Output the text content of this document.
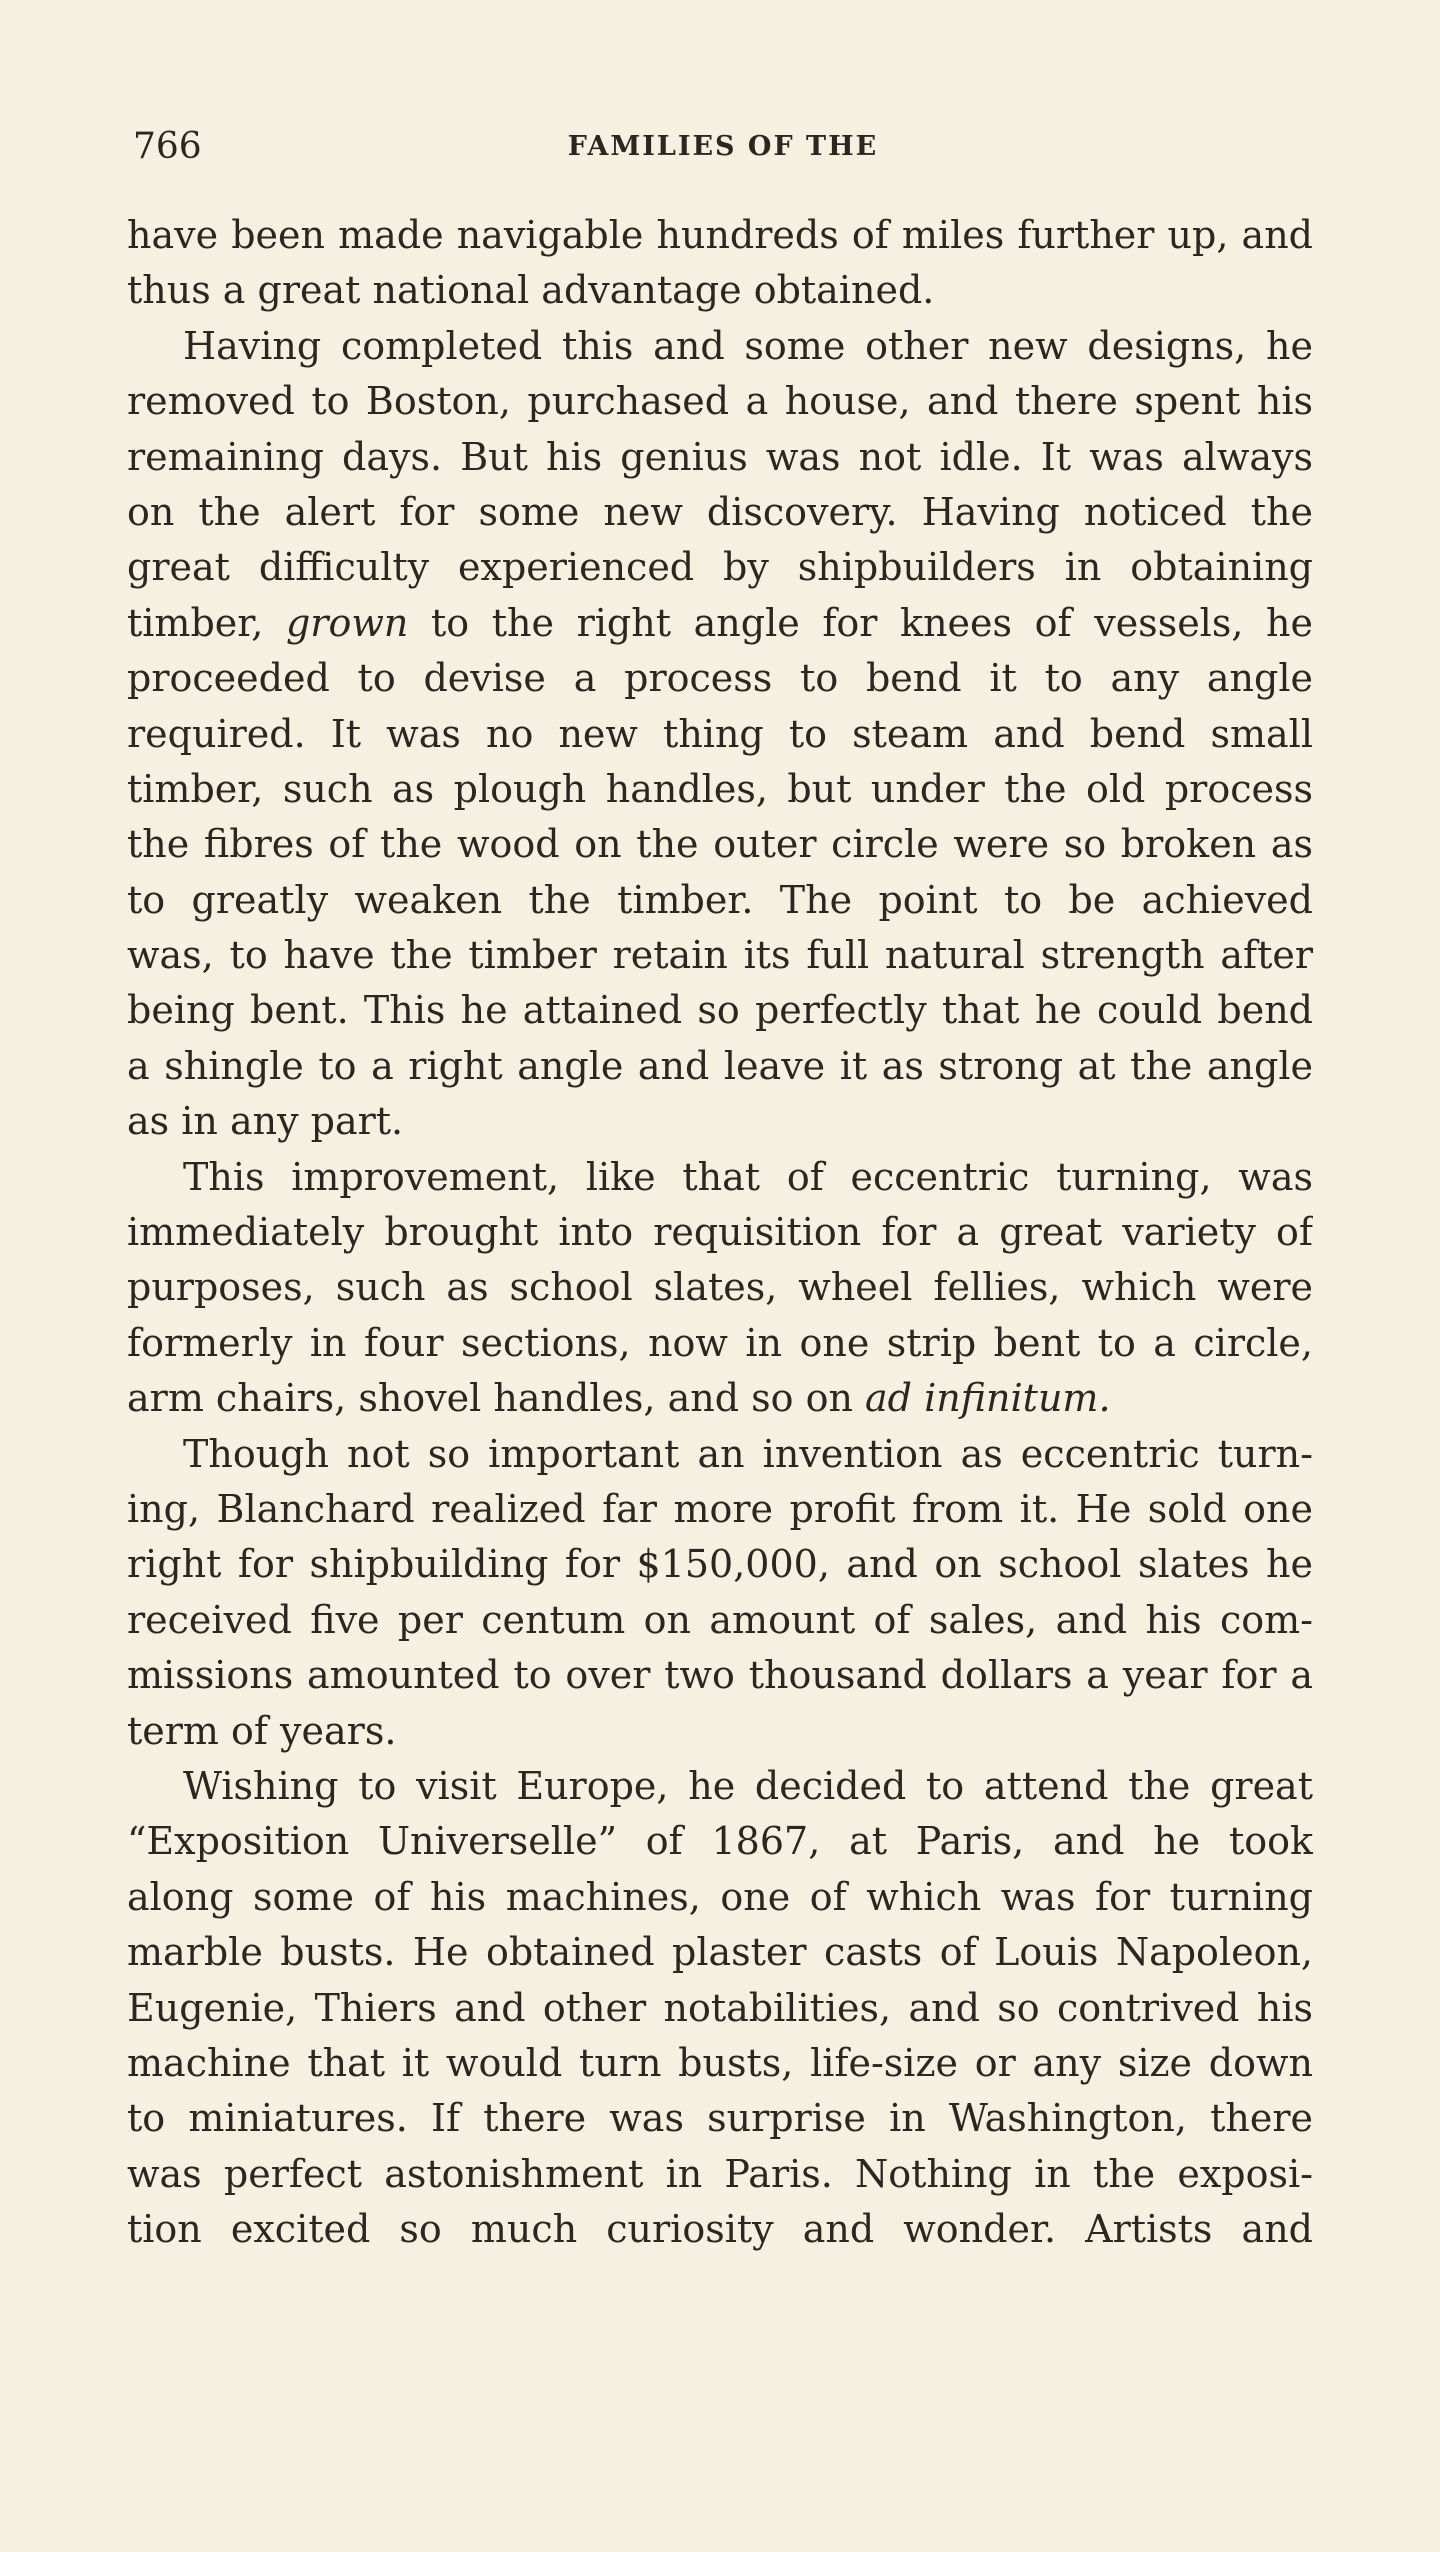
766	FAMILIES OF THE
have been made navigable hundreds of miles further up, and
thus a great national advantage obtained.
Having completed this and some other new designs, he
removed to Boston, purchased a house, and there spent his
remaining days. But his genius was not idle. It was always
on the alert for some new discovery. Having noticed the
great difficulty experienced by shipbuilders in obtaining
timber, grown to the right angle for knees of vessels, he
proceeded to devise a process to bend it to any angle
required. It was no new thing to steam and bend small
timber, such as plough handles, but under the old process
the fibres of the wood on the outer circle were so broken as
to greatly weaken the timber. The point to be achieved
was, to have the timber retain its full natural strength after
being bent. This he attained so perfectly that he could bend
a shingle to a right angle and leave it as strong at the angle
as in any part.
This improvement, like that of eccentric turning, was
immediately brought into requisition for a great variety of
purposes, such as school slates, wheel fellies, which were
formerly in four sections, now in one strip bent to a circle,
arm chairs, shovel handles, and so on ad infinitum.
Though not so important an invention as eccentric turn-
ing, Blanchard realized far more profit from it. He sold one
right for shipbuilding for $150,000, and on school slates he
received five per centum on amount of sales, and his com-
missions amounted to over two thousand dollars a year for a
term of years.
Wishing to visit Europe, he decided to attend the great
“Exposition Universelle” of 1867, at Paris, and he took
along some of his machines, one of which was for turning
marble busts. He obtained plaster casts of Louis Napoleon,
Eugenie, Thiers and other notabilities, and so contrived his
machine that it would turn busts, life-size or any size down
to miniatures. If there was surprise in Washington, there
was perfect astonishment in Paris. Nothing in the exposi-
tion excited so much curiosity and wonder. Artists and
